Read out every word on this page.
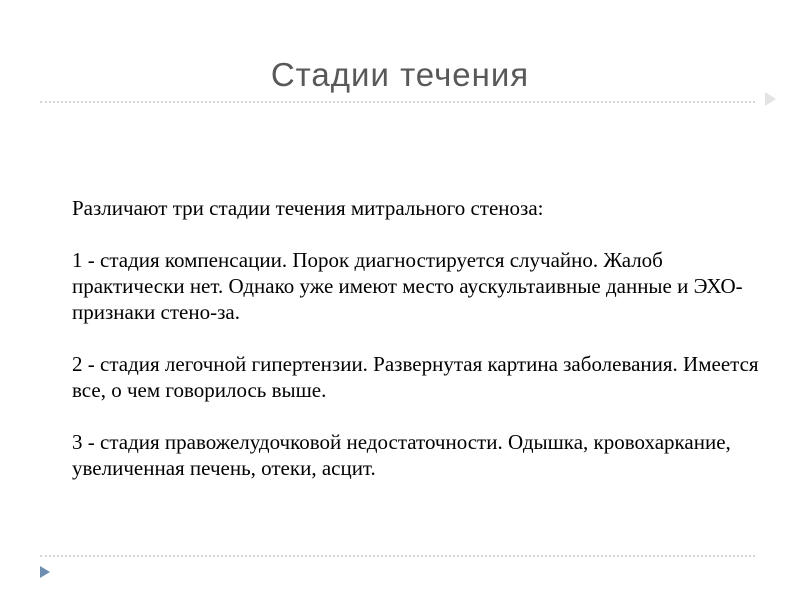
Стадии течения

Различают три стадии течения митрального стеноза:

1 - стадия компенсации. Порок диагностируется случайно. Жалоб практически нет. Однако уже имеют место аускультаивные данные и ЭХО- признаки стено-за.

2 - стадия легочной гипертензии. Развернутая картина заболевания. Имеется все, о чем говорилось выше.

3 - стадия правожелудочковой недостаточности. Одышка, кровохаркание, увеличенная печень, отеки, асцит.
